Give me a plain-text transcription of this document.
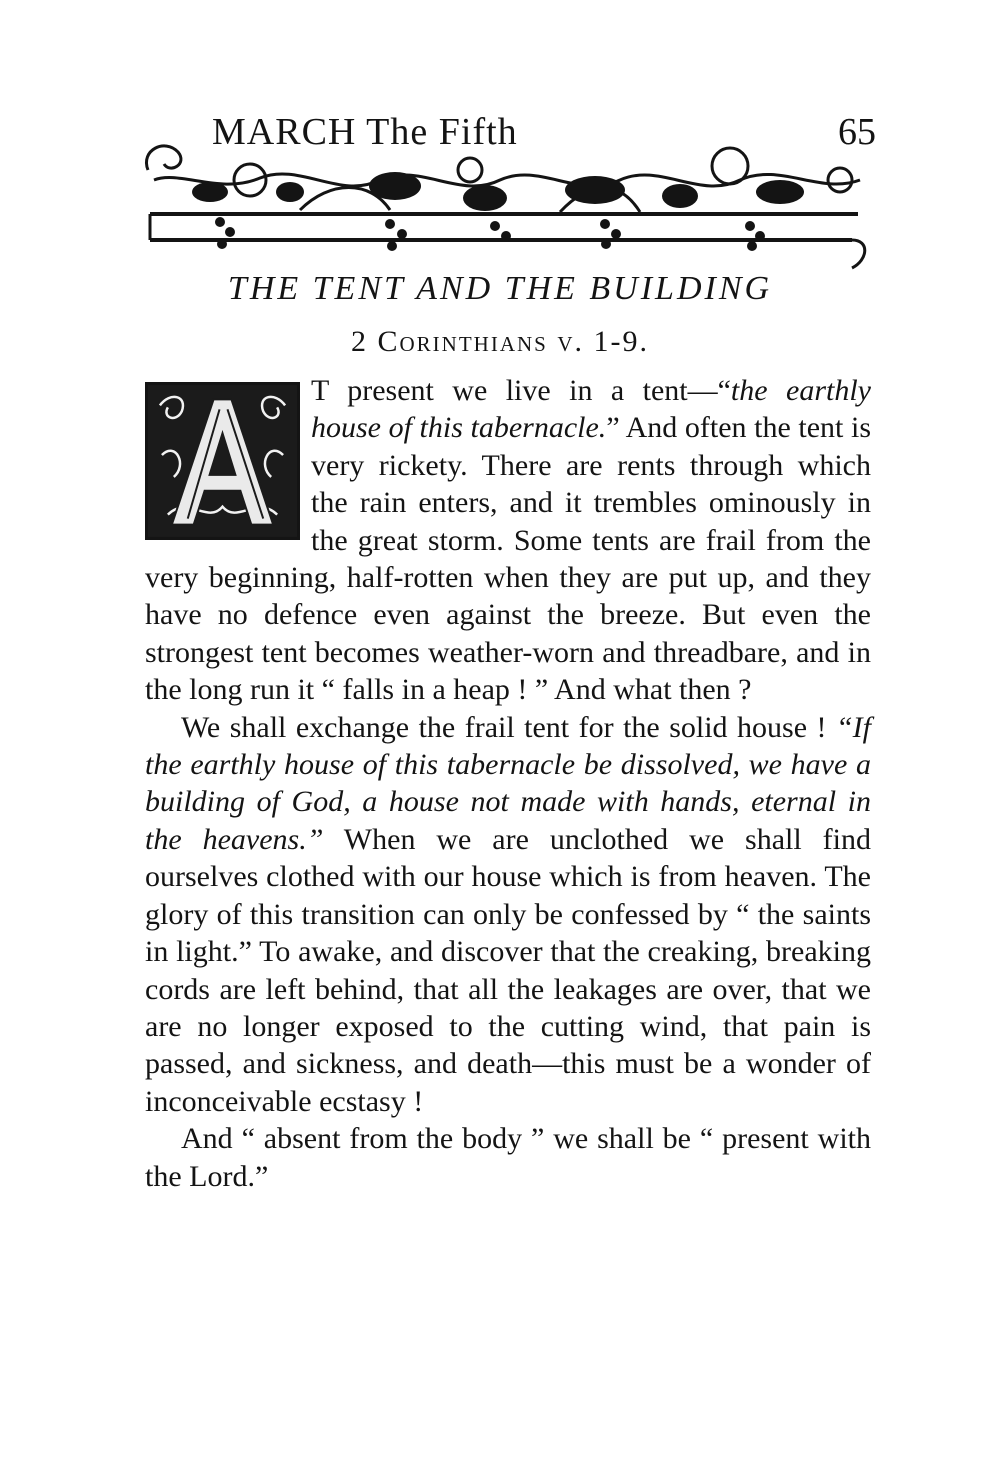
MARCH The Fifth	65
THE TENT AND THE BUILDING
2 Corinthians v. 1-9.

T present we live in a tent—“the earthly house of this tabernacle.” And often the tent is very rickety. There are rents through which the rain enters, and it trembles ominously in the great storm. Some tents are frail from the very beginning, half-rotten when they are put up, and they have no defence even against the breeze. But even the strongest tent becomes weather-worn and threadbare, and in the long run it “ falls in a heap ! ” And what then ?

We shall exchange the frail tent for the solid house ! “If the earthly house of this tabernacle be dissolved, we have a building of God, a house not made with hands, eternal in the heavens.” When we are unclothed we shall find ourselves clothed with our house which is from heaven. The glory of this transition can only be confessed by “ the saints in light.” To awake, and discover that the creaking, breaking cords are left behind, that all the leakages are over, that we are no longer exposed to the cutting wind, that pain is passed, and sickness, and death—this must be a wonder of inconceivable ecstasy !

And “ absent from the body ” we shall be “ present with the Lord.”
